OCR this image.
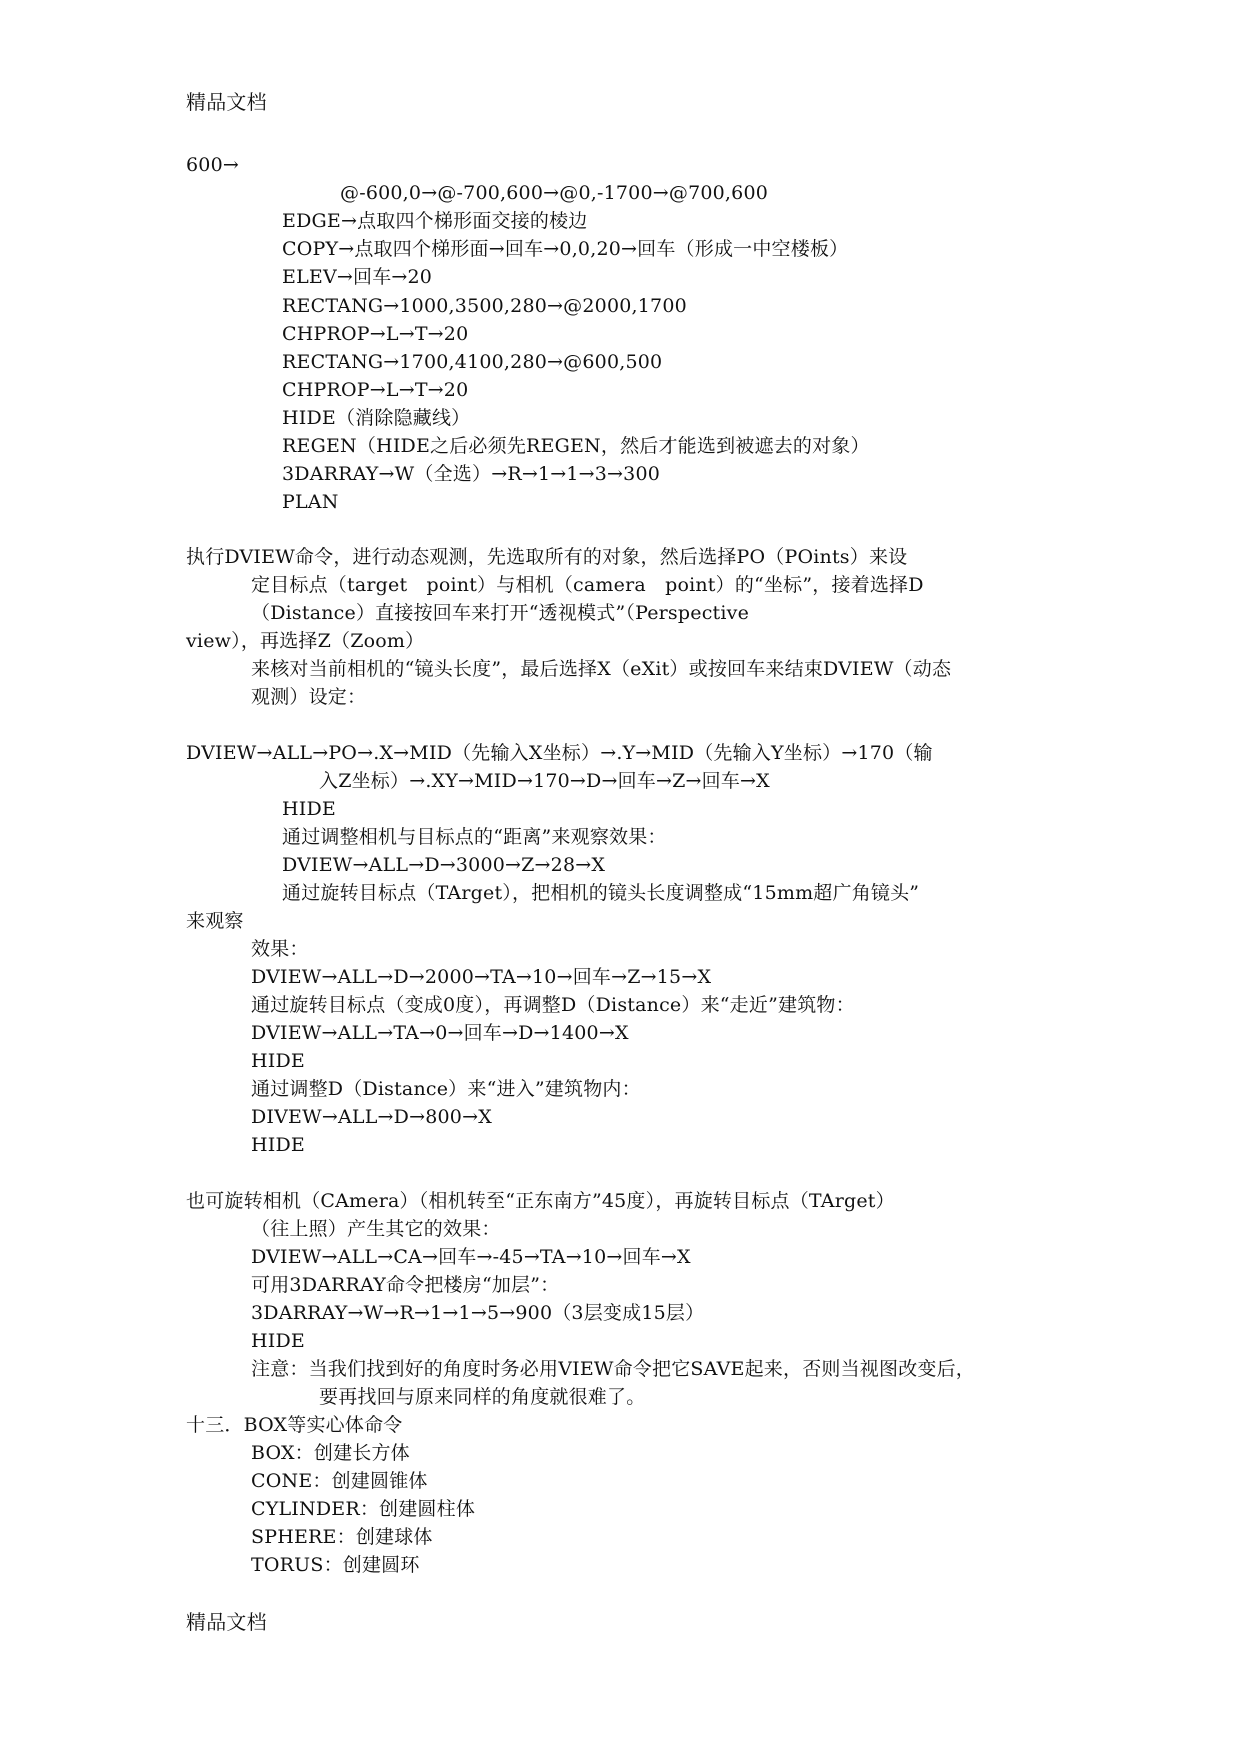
精品文档
600→
@-600,0→@-700,600→@0,-1700→@700,600
EDGE→点取四个梯形面交接的棱边
COPY→点取四个梯形面→回车→0,0,20→回车（形成一中空楼板）
ELEV→回车→20
RECTANG→1000,3500,280→@2000,1700
CHPROP→L→T→20
RECTANG→1700,4100,280→@600,500
CHPROP→L→T→20
HIDE（消除隐藏线）
REGEN（HIDE之后必须先REGEN，然后才能选到被遮去的对象）
3DARRAY→W（全选）→R→1→1→3→300
PLAN
执行DVIEW命令，进行动态观测，先选取所有的对象，然后选择PO（POints）来设
定目标点（target　point）与相机（camera　point）的“坐标”，接着选择D
（Distance）直接按回车来打开“透视模式”（Perspective
view），再选择Z（Zoom）
来核对当前相机的“镜头长度”，最后选择X（eXit）或按回车来结束DVIEW（动态
观测）设定：
DVIEW→ALL→PO→.X→MID（先输入X坐标）→.Y→MID（先输入Y坐标）→170（输
入Z坐标）→.XY→MID→170→D→回车→Z→回车→X
HIDE
通过调整相机与目标点的“距离”来观察效果：
DVIEW→ALL→D→3000→Z→28→X
通过旋转目标点（TArget），把相机的镜头长度调整成“15mm超广角镜头”
来观察
效果：
DVIEW→ALL→D→2000→TA→10→回车→Z→15→X
通过旋转目标点（变成0度），再调整D（Distance）来“走近”建筑物：
DVIEW→ALL→TA→0→回车→D→1400→X
HIDE
通过调整D（Distance）来“进入”建筑物内：
DIVEW→ALL→D→800→X
HIDE
也可旋转相机（CAmera）（相机转至“正东南方”45度），再旋转目标点（TArget）
（往上照）产生其它的效果：
DVIEW→ALL→CA→回车→-45→TA→10→回车→X
可用3DARRAY命令把楼房“加层”：
3DARRAY→W→R→1→1→5→900（3层变成15层）
HIDE
注意：当我们找到好的角度时务必用VIEW命令把它SAVE起来，否则当视图改变后，
要再找回与原来同样的角度就很难了。
十三．BOX等实心体命令
BOX：创建长方体
CONE：创建圆锥体
CYLINDER：创建圆柱体
SPHERE：创建球体
TORUS：创建圆环
精品文档
